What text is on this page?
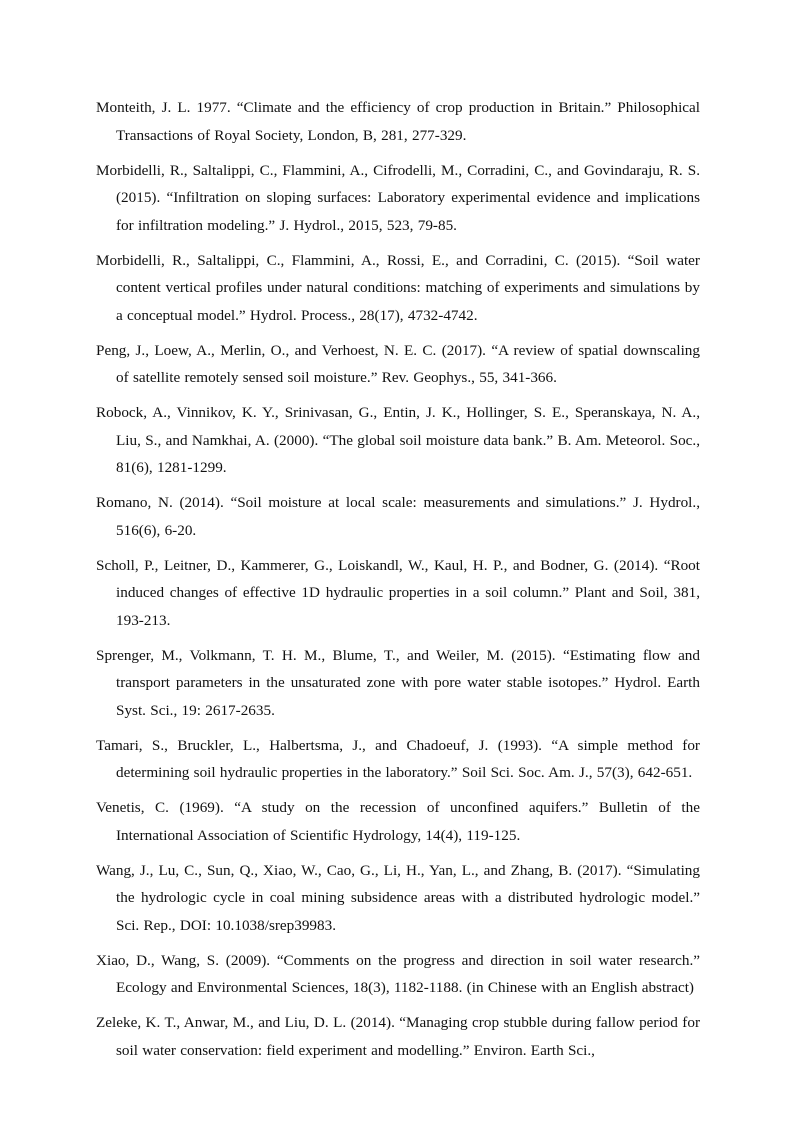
Monteith, J. L. 1977. “Climate and the efficiency of crop production in Britain.” Philosophical Transactions of Royal Society, London, B, 281, 277-329.
Morbidelli, R., Saltalippi, C., Flammini, A., Cifrodelli, M., Corradini, C., and Govindaraju, R. S. (2015). “Infiltration on sloping surfaces: Laboratory experimental evidence and implications for infiltration modeling.” J. Hydrol., 2015, 523, 79-85.
Morbidelli, R., Saltalippi, C., Flammini, A., Rossi, E., and Corradini, C. (2015). “Soil water content vertical profiles under natural conditions: matching of experiments and simulations by a conceptual model.” Hydrol. Process., 28(17), 4732-4742.
Peng, J., Loew, A., Merlin, O., and Verhoest, N. E. C. (2017). “A review of spatial downscaling of satellite remotely sensed soil moisture.” Rev. Geophys., 55, 341-366.
Robock, A., Vinnikov, K. Y., Srinivasan, G., Entin, J. K., Hollinger, S. E., Speranskaya, N. A., Liu, S., and Namkhai, A. (2000). “The global soil moisture data bank.” B. Am. Meteorol. Soc., 81(6), 1281-1299.
Romano, N. (2014). “Soil moisture at local scale: measurements and simulations.” J. Hydrol., 516(6), 6-20.
Scholl, P., Leitner, D., Kammerer, G., Loiskandl, W., Kaul, H. P., and Bodner, G. (2014). “Root induced changes of effective 1D hydraulic properties in a soil column.” Plant and Soil, 381, 193-213.
Sprenger, M., Volkmann, T. H. M., Blume, T., and Weiler, M. (2015). “Estimating flow and transport parameters in the unsaturated zone with pore water stable isotopes.” Hydrol. Earth Syst. Sci., 19: 2617-2635.
Tamari, S., Bruckler, L., Halbertsma, J., and Chadoeuf, J. (1993). “A simple method for determining soil hydraulic properties in the laboratory.” Soil Sci. Soc. Am. J., 57(3), 642-651.
Venetis, C. (1969). “A study on the recession of unconfined aquifers.” Bulletin of the International Association of Scientific Hydrology, 14(4), 119-125.
Wang, J., Lu, C., Sun, Q., Xiao, W., Cao, G., Li, H., Yan, L., and Zhang, B. (2017). “Simulating the hydrologic cycle in coal mining subsidence areas with a distributed hydrologic model.” Sci. Rep., DOI: 10.1038/srep39983.
Xiao, D., Wang, S. (2009). “Comments on the progress and direction in soil water research.” Ecology and Environmental Sciences, 18(3), 1182-1188. (in Chinese with an English abstract)
Zeleke, K. T., Anwar, M., and Liu, D. L. (2014). “Managing crop stubble during fallow period for soil water conservation: field experiment and modelling.” Environ. Earth Sci.,
